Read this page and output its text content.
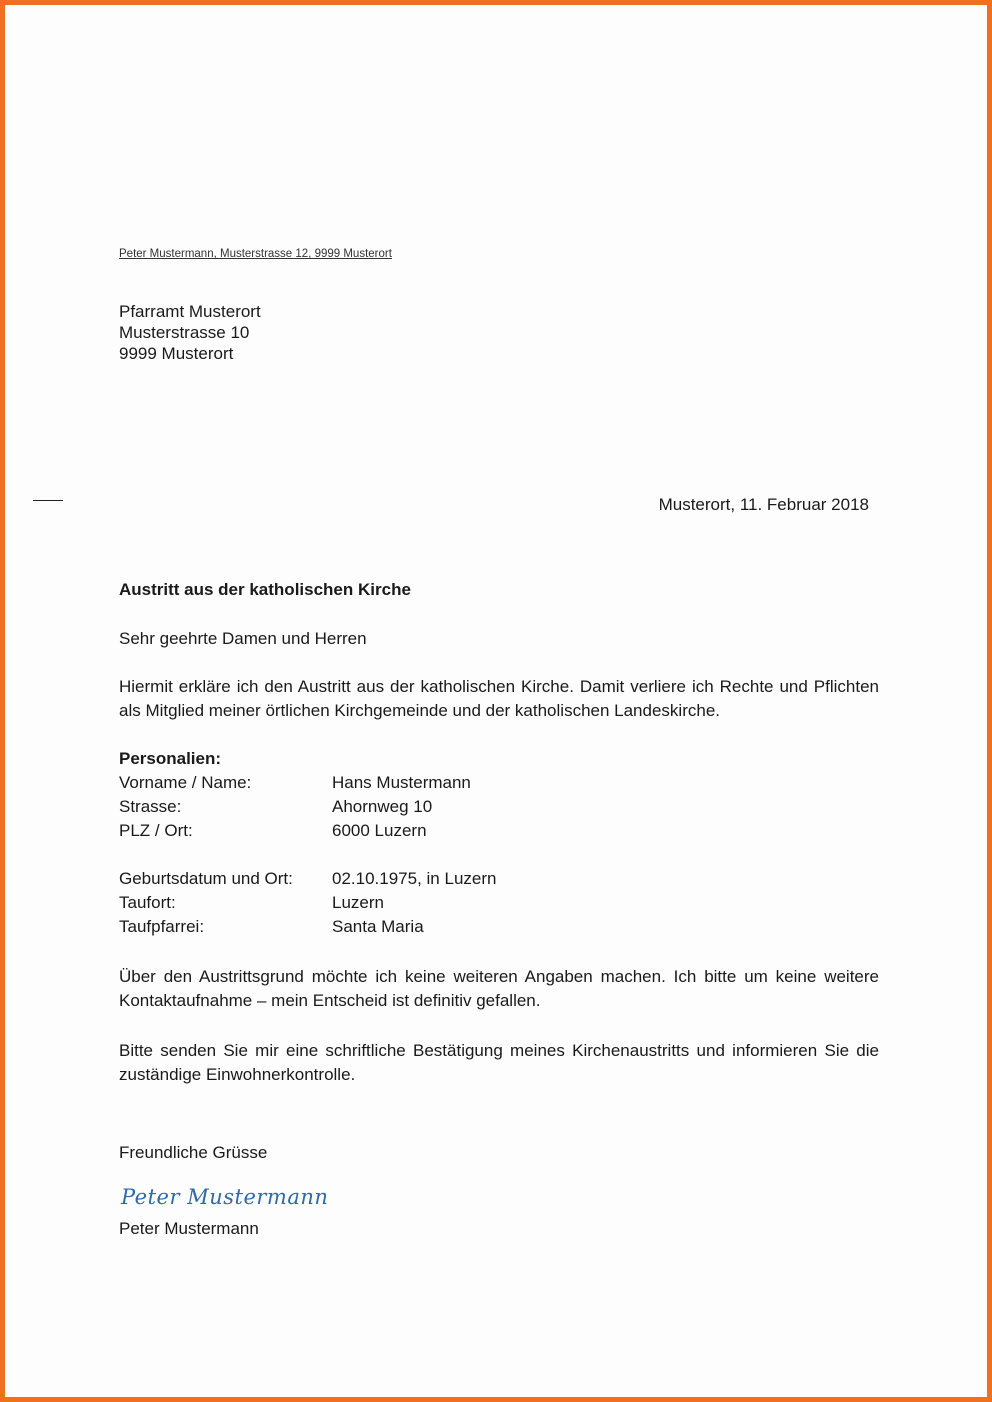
Peter Mustermann, Musterstrasse 12, 9999 Musterort
Pfarramt Musterort
Musterstrasse 10
9999 Musterort
Musterort, 11. Februar 2018
Austritt aus der katholischen Kirche
Sehr geehrte Damen und Herren
Hiermit erkläre ich den Austritt aus der katholischen Kirche. Damit verliere ich Rechte und Pflichten als Mitglied meiner örtlichen Kirchgemeinde und der katholischen Landeskirche.
Personalien:
Vorname / Name:	Hans Mustermann
Strasse:	Ahornweg 10
PLZ / Ort:	6000 Luzern
Geburtsdatum und Ort:	02.10.1975, in Luzern
Taufort:	Luzern
Taufpfarrei:	Santa Maria
Über den Austrittsgrund möchte ich keine weiteren Angaben machen. Ich bitte um keine weitere Kontaktaufnahme – mein Entscheid ist definitiv gefallen.
Bitte senden Sie mir eine schriftliche Bestätigung meines Kirchenaustritts und informieren Sie die zuständige Einwohnerkontrolle.
Freundliche Grüsse
Peter Mustermann
Peter Mustermann
